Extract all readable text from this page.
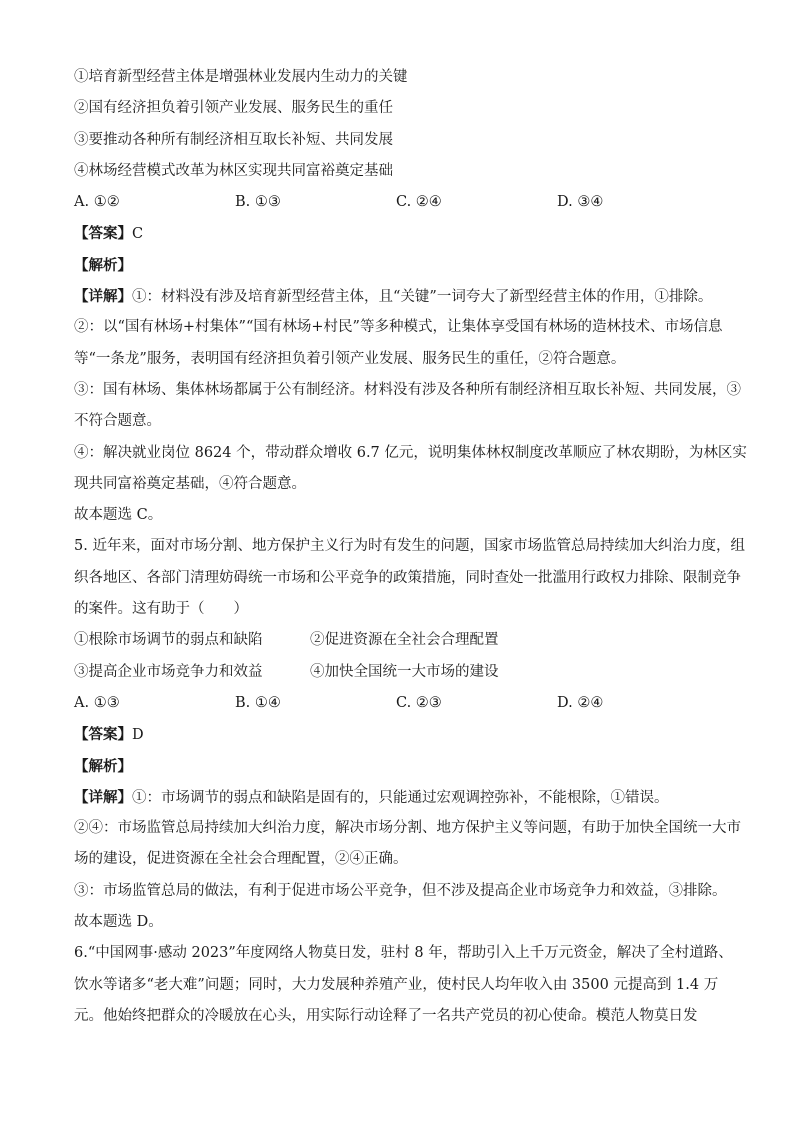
①培育新型经营主体是增强林业发展内生动力的关键
②国有经济担负着引领产业发展、服务民生的重任
③要推动各种所有制经济相互取长补短、共同发展
④林场经营模式改革为林区实现共同富裕奠定基础
A. ①②	B. ①③	C. ②④	D. ③④
【答案】C
【解析】
【详解】①：材料没有涉及培育新型经营主体，且“关键”一词夸大了新型经营主体的作用，①排除。
②：以“国有林场+村集体”“国有林场+村民”等多种模式，让集体享受国有林场的造林技术、市场信息
等“一条龙”服务，表明国有经济担负着引领产业发展、服务民生的重任，②符合题意。
③：国有林场、集体林场都属于公有制经济。材料没有涉及各种所有制经济相互取长补短、共同发展，③
不符合题意。
④：解决就业岗位 8624 个，带动群众增收 6.7 亿元，说明集体林权制度改革顺应了林农期盼，为林区实
现共同富裕奠定基础，④符合题意。
故本题选 C。
5. 近年来，面对市场分割、地方保护主义行为时有发生的问题，国家市场监管总局持续加大纠治力度，组
织各地区、各部门清理妨碍统一市场和公平竞争的政策措施，同时查处一批滥用行政权力排除、限制竞争
的案件。这有助于（　　）
①根除市场调节的弱点和缺陷	②促进资源在全社会合理配置
③提高企业市场竞争力和效益	④加快全国统一大市场的建设
A. ①③	B. ①④	C. ②③	D. ②④
【答案】D
【解析】
【详解】①：市场调节的弱点和缺陷是固有的，只能通过宏观调控弥补，不能根除，①错误。
②④：市场监管总局持续加大纠治力度，解决市场分割、地方保护主义等问题，有助于加快全国统一大市
场的建设，促进资源在全社会合理配置，②④正确。
③：市场监管总局的做法，有利于促进市场公平竞争，但不涉及提高企业市场竞争力和效益，③排除。
故本题选 D。
6.“中国网事·感动 2023”年度网络人物莫日发，驻村 8 年，帮助引入上千万元资金，解决了全村道路、
饮水等诸多“老大难”问题；同时，大力发展种养殖产业，使村民人均年收入由 3500 元提高到 1.4 万
元。他始终把群众的冷暖放在心头，用实际行动诠释了一名共产党员的初心使命。模范人物莫日发
